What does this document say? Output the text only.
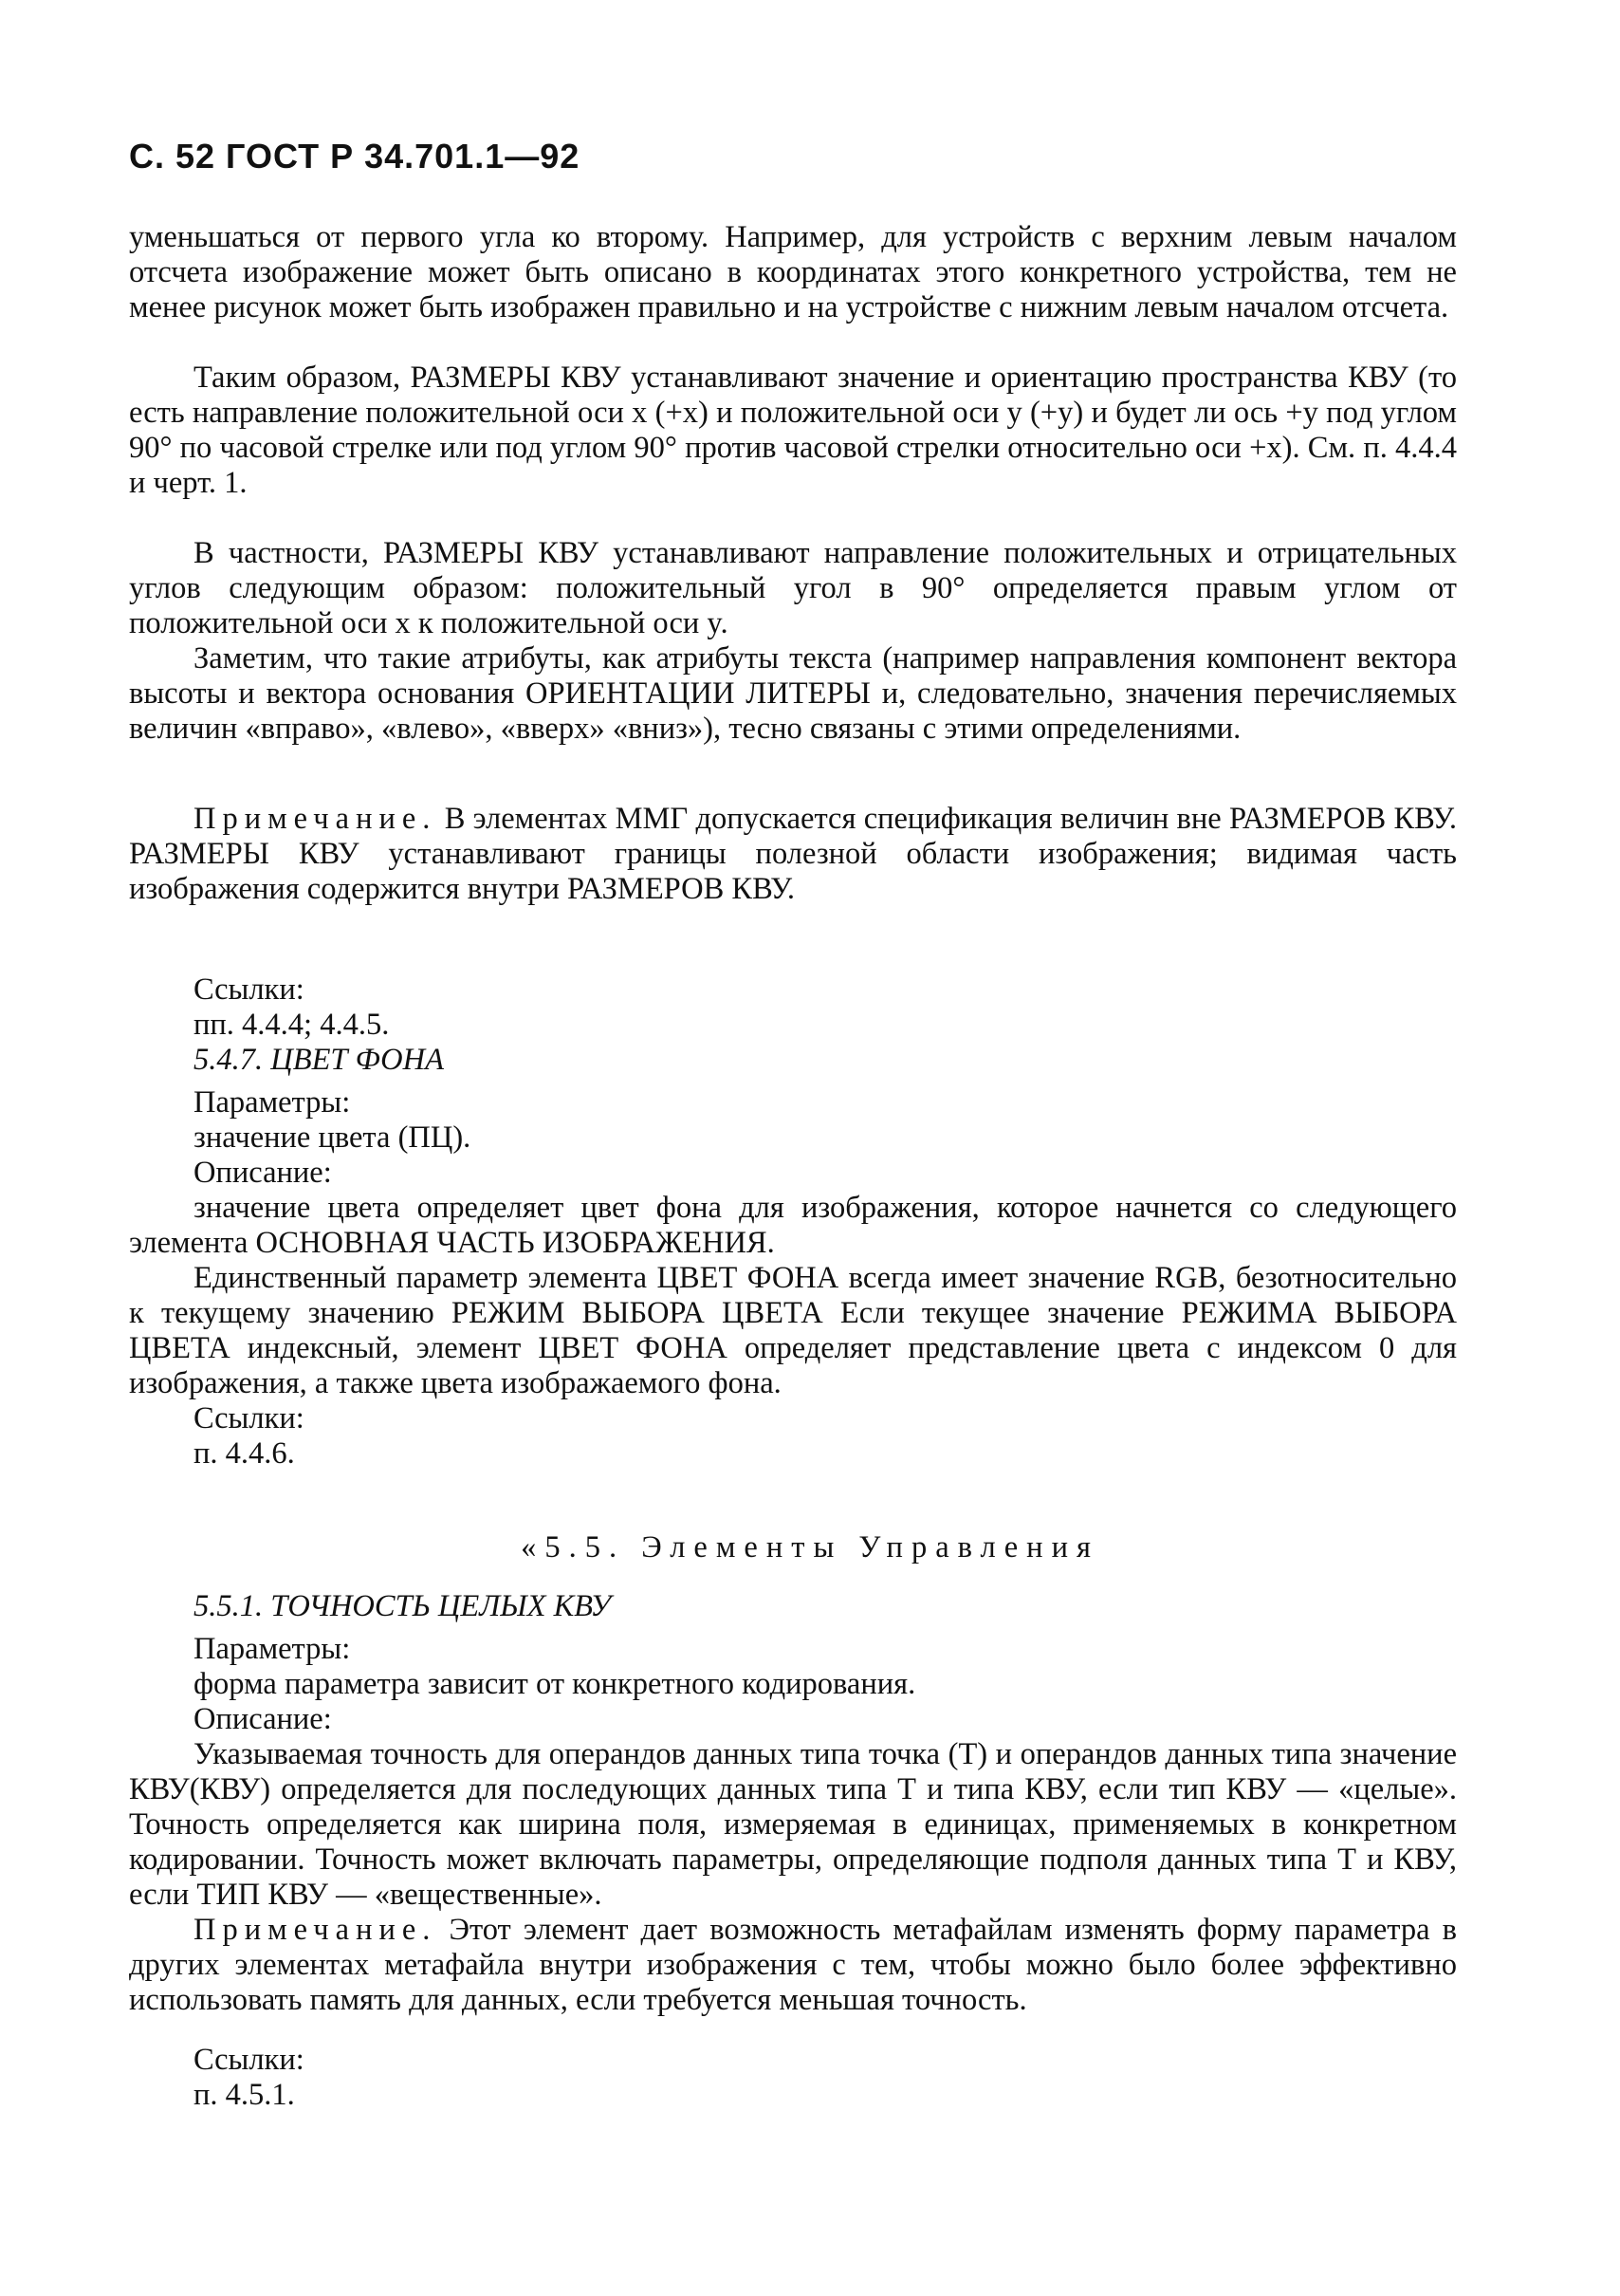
С. 52 ГОСТ Р 34.701.1—92

уменьшаться от первого угла ко второму. Например, для устройств с верхним левым началом отсчета изображение может быть описано в координатах этого конкретного устройства, тем не менее рисунок может быть изображен правильно и на устройстве с нижним левым началом отсчета.

Таким образом, РАЗМЕРЫ КВУ устанавливают значение и ориентацию пространства КВУ (то есть направление положительной оси x (+x) и положительной оси y (+y) и будет ли ось +y под углом 90° по часовой стрелке или под углом 90° против часовой стрелки относительно оси +x). См. п. 4.4.4 и черт. 1.

В частности, РАЗМЕРЫ КВУ устанавливают направление положительных и отрицательных углов следующим образом: положительный угол в 90° определяется правым углом от положительной оси x к положительной оси y.

Заметим, что такие атрибуты, как атрибуты текста (например направления компонент вектора высоты и вектора основания ОРИЕНТАЦИИ ЛИТЕРЫ и, следовательно, значения перечисляемых величин «вправо», «влево», «вверх» «вниз»), тесно связаны с этими определениями.

Примечание. В элементах ММГ допускается спецификация величин вне РАЗМЕРОВ КВУ. РАЗМЕРЫ КВУ устанавливают границы полезной области изображения; видимая часть изображения содержится внутри РАЗМЕРОВ КВУ.

Ссылки:
пп. 4.4.4; 4.4.5.
5.4.7. ЦВЕТ ФОНА
Параметры:
значение цвета (ПЦ).
Описание:

значение цвета определяет цвет фона для изображения, которое начнется со следующего элемента ОСНОВНАЯ ЧАСТЬ ИЗОБРАЖЕНИЯ.

Единственный параметр элемента ЦВЕТ ФОНА всегда имеет значение RGB, безотносительно к текущему значению РЕЖИМ ВЫБОРА ЦВЕТА Если текущее значение РЕЖИМА ВЫБОРА ЦВЕТА индексный, элемент ЦВЕТ ФОНА определяет представление цвета с индексом 0 для изображения, а также цвета изображаемого фона.

Ссылки:
п. 4.4.6.
«5.5. Элементы Управления
5.5.1. ТОЧНОСТЬ ЦЕЛЫХ КВУ
Параметры:
форма параметра зависит от конкретного кодирования.
Описание:

Указываемая точность для операндов данных типа точка (Т) и операндов данных типа значение КВУ(КВУ) определяется для последующих данных типа Т и типа КВУ, если тип КВУ — «целые». Точность определяется как ширина поля, измеряемая в единицах, применяемых в конкретном кодировании. Точность может включать параметры, определяющие подполя данных типа Т и КВУ, если ТИП КВУ — «вещественные».

Примечание. Этот элемент дает возможность метафайлам изменять форму параметра в других элементах метафайла внутри изображения с тем, чтобы можно было более эффективно использовать память для данных, если требуется меньшая точность.

Ссылки:
п. 4.5.1.
